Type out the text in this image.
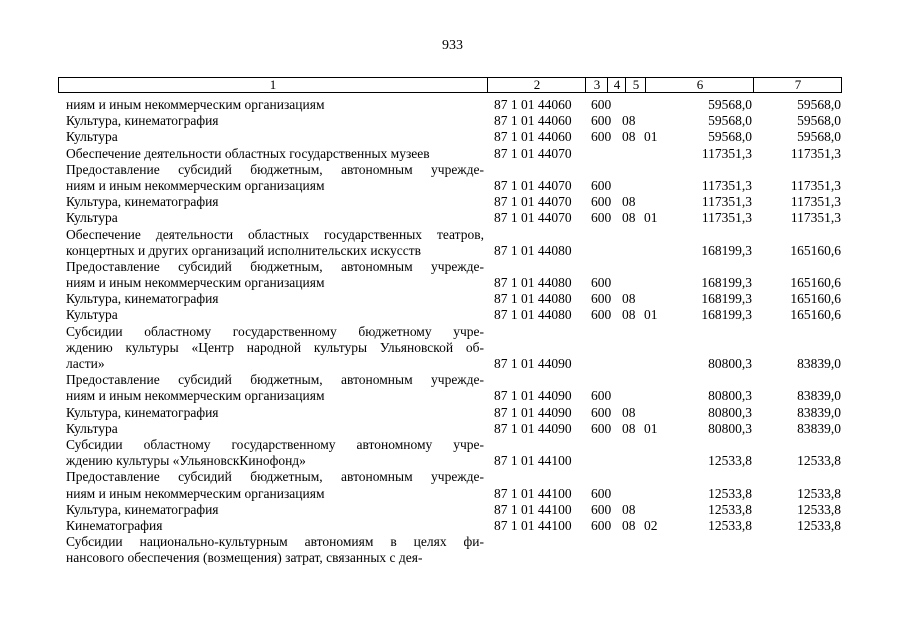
933
1	2	3	4 5	6	7
ниям и иным некоммерческим организациям	87 1 01 44060 600	59568,0	59568,0
Культура, кинематография	87 1 01 44060 600 08	59568,0	59568,0
Культура	87 1 01 44060 600 08 01	59568,0	59568,0
Обеспечение деятельности областных государственных музеев	87 1 01 44070	117351,3	117351,3
Предоставление субсидий бюджетным, автономным учрежде-
ниям и иным некоммерческим организациям	87 1 01 44070 600	117351,3	117351,3
Культура, кинематография	87 1 01 44070 600 08	117351,3	117351,3
Культура	87 1 01 44070 600 08 01	117351,3	117351,3
Обеспечение деятельности областных государственных театров,
концертных и других организаций исполнительских искусств	87 1 01 44080	168199,3	165160,6
Предоставление субсидий бюджетным, автономным учрежде-
ниям и иным некоммерческим организациям	87 1 01 44080 600	168199,3	165160,6
Культура, кинематография	87 1 01 44080 600 08	168199,3	165160,6
Культура	87 1 01 44080 600 08 01	168199,3	165160,6
Субсидии областному государственному бюджетному учре-
ждению культуры «Центр народной культуры Ульяновской об-
ласти»	87 1 01 44090	80800,3	83839,0
Предоставление субсидий бюджетным, автономным учрежде-
ниям и иным некоммерческим организациям	87 1 01 44090 600	80800,3	83839,0
Культура, кинематография	87 1 01 44090 600 08	80800,3	83839,0
Культура	87 1 01 44090 600 08 01	80800,3	83839,0
Субсидии областному государственному автономному учре-
ждению культуры «УльяновскКинофонд»	87 1 01 44100	12533,8	12533,8
Предоставление субсидий бюджетным, автономным учрежде-
ниям и иным некоммерческим организациям	87 1 01 44100 600	12533,8	12533,8
Культура, кинематография	87 1 01 44100 600 08	12533,8	12533,8
Кинематография	87 1 01 44100 600 08 02	12533,8	12533,8
Субсидии национально-культурным автономиям в целях фи-
нансового обеспечения (возмещения) затрат, связанных с дея-
